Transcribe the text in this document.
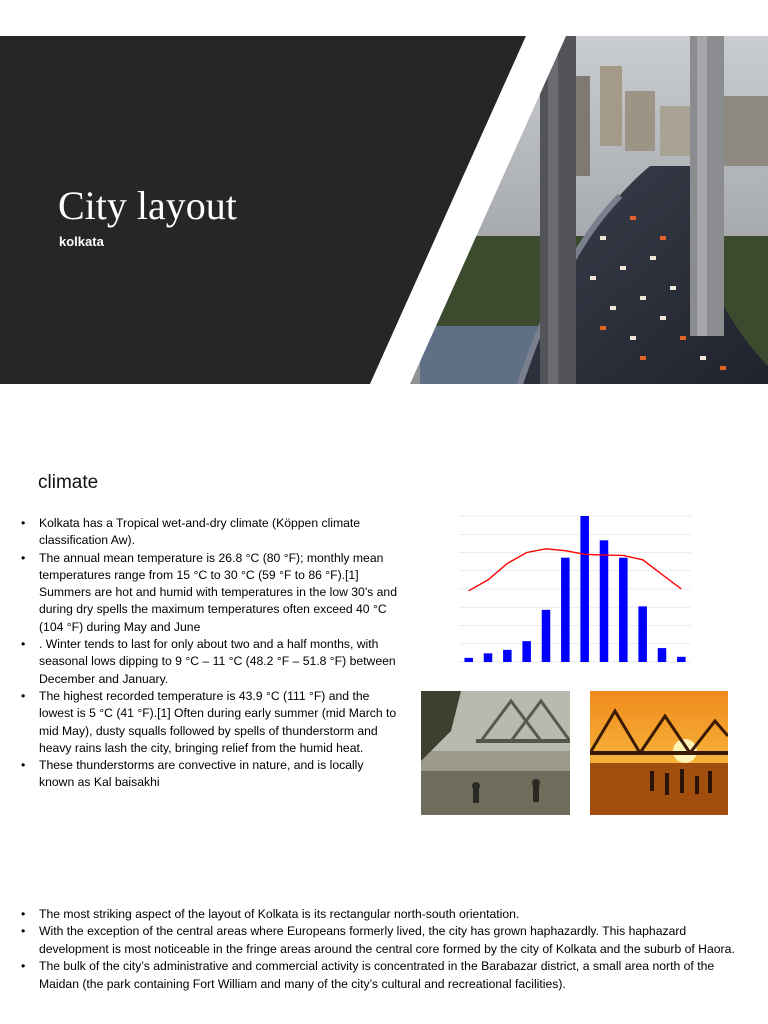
City layout

kolkata

climate
• Kolkata has a Tropical wet-and-dry climate (Köppen climate classification Aw).
• The annual mean temperature is 26.8 °C (80 °F); monthly mean temperatures range from 15 °C to 30 °C (59 °F to 86 °F).[1] Summers are hot and humid with temperatures in the low 30's and during dry spells the maximum temperatures often exceed 40 °C (104 °F) during May and June
• . Winter tends to last for only about two and a half months, with seasonal lows dipping to 9 °C – 11 °C (48.2 °F – 51.8 °F) between December and January.
• The highest recorded temperature is 43.9 °C (111 °F) and the lowest is 5 °C (41 °F).[1] Often during early summer (mid March to mid May), dusty squalls followed by spells of thunderstorm and heavy rains lash the city, bringing relief from the humid heat.
• These thunderstorms are convective in nature, and is locally known as Kal baisakhi
• The most striking aspect of the layout of Kolkata is its rectangular north-south orientation.
• With the exception of the central areas where Europeans formerly lived, the city has grown haphazardly. This haphazard development is most noticeable in the fringe areas around the central core formed by the city of Kolkata and the suburb of Haora.
• The bulk of the city’s administrative and commercial activity is concentrated in the Barabazar district, a small area north of the Maidan (the park containing Fort William and many of the city’s cultural and recreational facilities).
